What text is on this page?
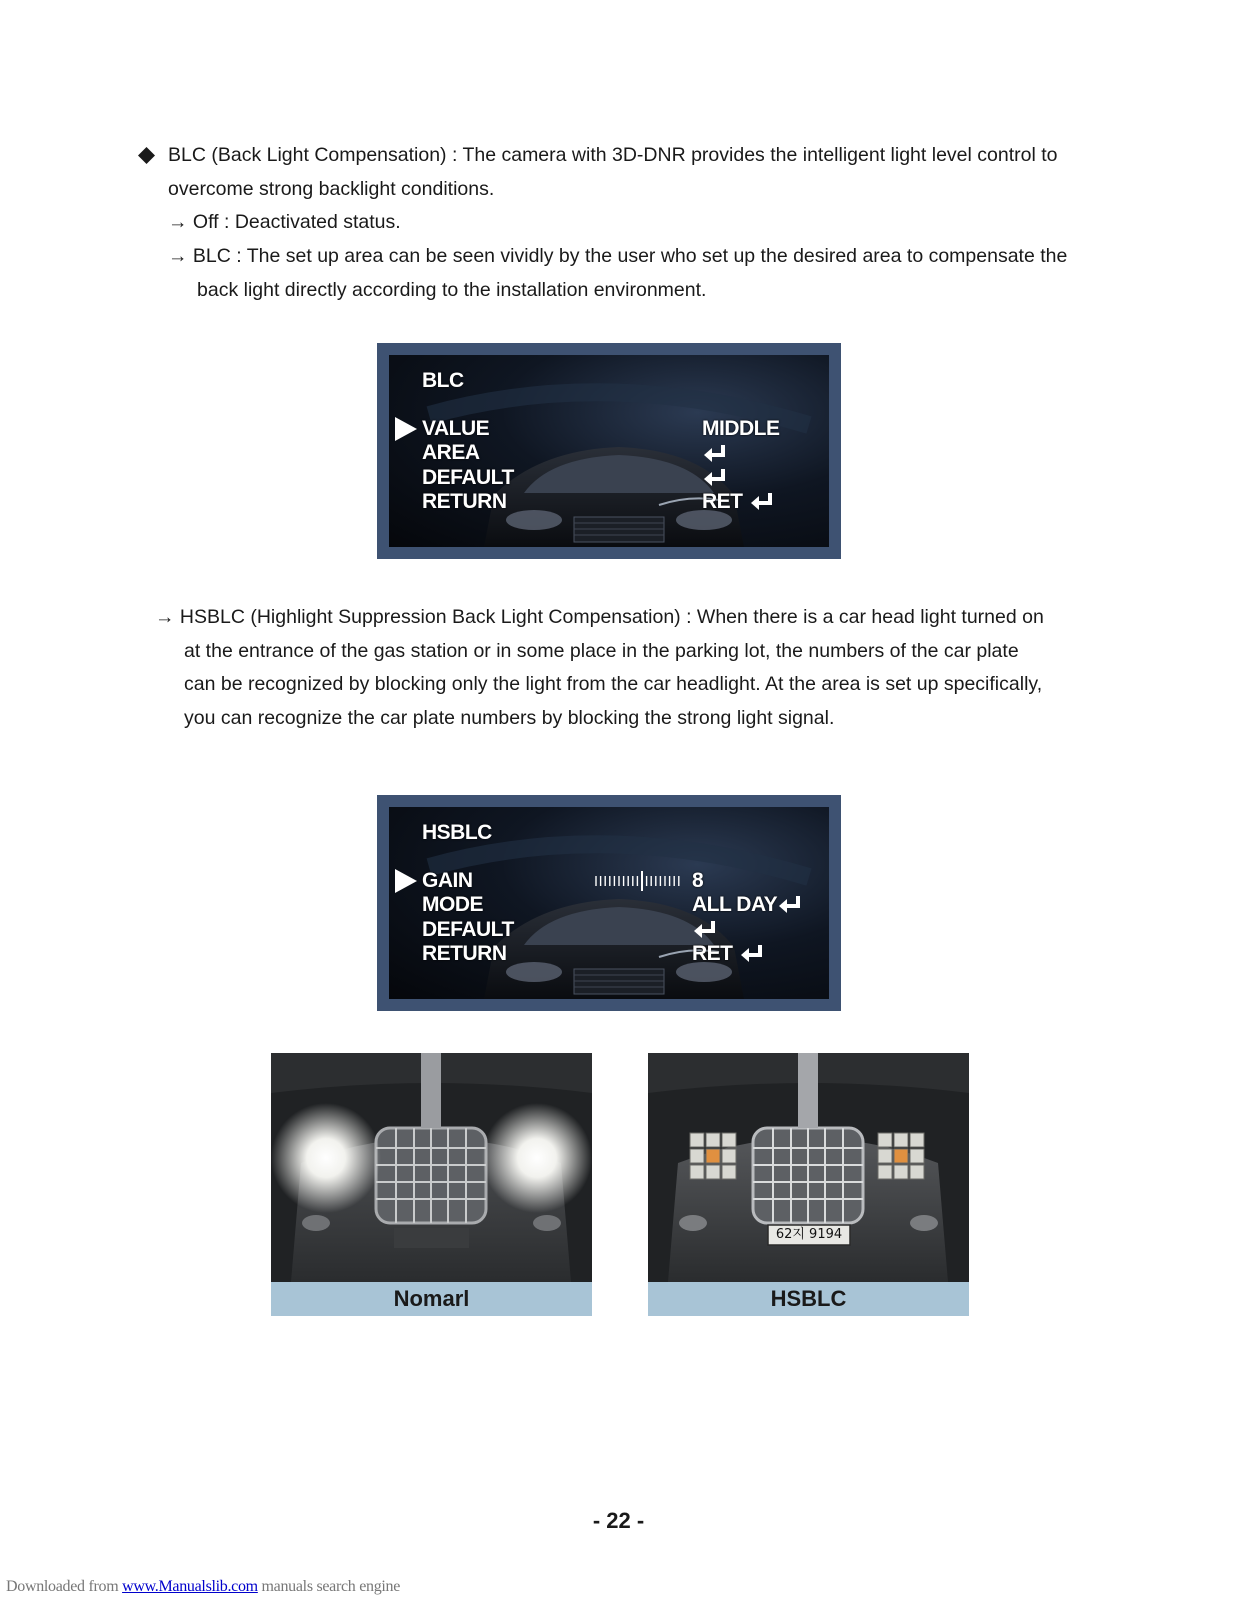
BLC (Back Light Compensation) : The camera with 3D-DNR provides the intelligent light level control to
overcome strong backlight conditions.
→ Off : Deactivated status.
→ BLC : The set up area can be seen vividly by the user who set up the desired area to compensate the
back light directly according to the installation environment.
BLC
VALUE
AREA
DEFAULT
RETURN
MIDDLE
RET
→ HSBLC (Highlight Suppression Back Light Compensation) : When there is a car head light turned on
at the entrance of the gas station or in some place in the parking lot, the numbers of the car plate
can be recognized by blocking only the light from the car headlight. At the area is set up specifically,
you can recognize the car plate numbers by blocking the strong light signal.
HSBLC
GAIN
MODE
DEFAULT
RETURN
8
ALL DAY
RET
Nomarl
62지 9194
HSBLC
- 22 -
Downloaded from www.Manualslib.com manuals search engine
